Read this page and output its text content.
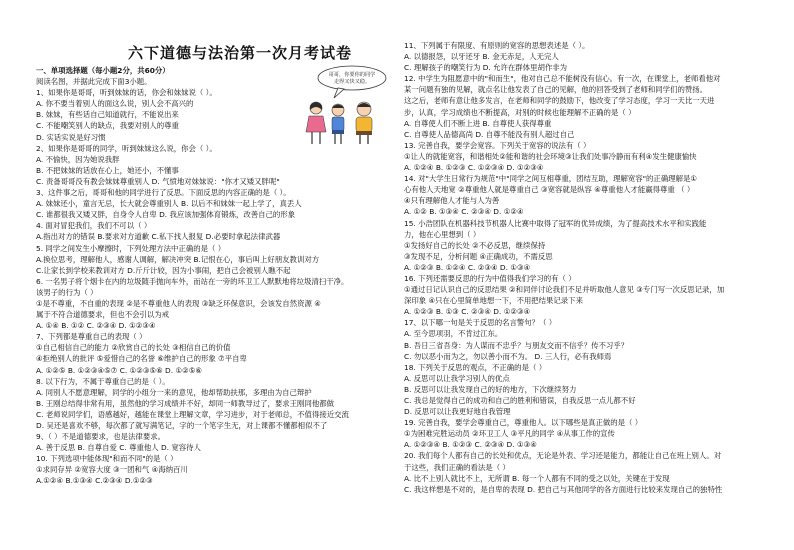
六下道德与法治第一次月考试卷
哥哥，你要你的同学
走得又快又稳。
一、单项选择题（每小题2分，共60分）
阅读名图，并据此完成下面3小题。
1、如果你是哥哥，听到妹妹的话，你会和妹妹说（ ）。
A. 你不要当着别人的面这么说，别人会不高兴的
B. 妹妹，有些话自己知道就行，不能说出来
C. 不能嘲笑别人的缺点，我要对别人的尊重
D. 实话实说是好习惯
2、如果你是哥哥的同学，听到妹妹这么说，你会（ ）。
A. 不愉快，因为她说我胖
B. 不把妹妹的话放在心上，她还小，不懂事
C. 责备哥哥没有教会妹妹尊重别人 D. 气愤地对妹妹说："你才又矮又胖呢"
3、这件事之后，哥哥和他的同学进行了反思。下面反思的内容正确的是（ ）。
A. 妹妹还小，童言无忌，长大就会尊重别人 B. 以后不和妹妹一起上学了，真丢人
C. 谁都很我又矮又胖，自身令人自卑 D. 我应该加强体育锻炼，改善自己的形象
4. 面对冒犯我们，我们不可以（ ）
A.指出对方的错误 B.要求对方道歉 C.私下找人报复 D.必要时拿起法律武器
5. 同学之间发生小摩擦时，下列处理方法中正确的是（ ）
A.换位思考，理解他人，感谢人调解，解决冲突 B.记恨在心，事后叫上好朋友教训对方
C.让家长到学校来教训对方 D.斤斤计较，因为小事闹，把自己会被别人瞧不起
6. 一名男子将个烟卡在内的垃圾随手抛向车外，而站在一旁的环卫工人默默地将垃圾清扫干净。
该男子的行为（ ）
①是不尊重，不自重的表现 ②是不尊重他人的表现 ③缺乏环保意识，会该发自然资源 ④
属于不符合道德要求，但也不会引以为戒
A. ①④ B. ①② C. ②③④ D. ①②③④
7、下列都是尊重自己的表现（ ）
①自己相信自己的能力 ②欣赏自己的长处 ③相信自己的价值
④拒绝别人的批评 ⑤爱惜自己的名誉 ⑥维护自己的形象 ⑦平自卑
A. ①②⑤ B. ①②③④⑤⑦ C. ①②③⑤⑥ D. ①②⑤⑥
8. 以下行为，不属于尊重自己的是（ ）。
A. 同别人不愿意理解，同学的小组分一来的意见，他却帮助扶那，多理由为自己辩护
B. 王刚总结得非常有用，虽然他的学习成绩并不好，却同一师教导过了，要求王刚同他都做
C. 老师说同学们，语感越好，越能在课堂上理解文章，学习进步，对于老师总，不值得接近交流
D. 吴还是喜欢不够，每次都了就写满笔记，字的一个笔字生无，对上课都不懂都相似不了
9、（ ）不是道德要求，也是法律要求。
A. 善于反思 B. 自尊自爱 C. 尊重他人 D. 宽容待人
10. 下列选项中能体现"和而不同"的是（ ）
①求同存异 ②宽容大度 ③一团和气 ④海纳百川
A.①②④ B.①③④ C.②③④ D.①②③
11、下列属于有限度、有原则的宽容的思想表述是（ ）。
A. 以德报怨，以牙还牙 B. 金无赤足，人无完人
C. 理解孩子的嘲笑行为 D. 允许在群体里胡作非为
12. 中学生为阻愿意中的"和而生"，他对自己总不能树没有信心。有一次，在课堂上，老师看他对
某一问题有独的见解，就点名让他发表了自己的见解，他的回答受到了老师和同学们的赞扬。
这之后，老师有意让他多发言，在老师和同学的鼓励下，他改变了学习态度，学习一天比一天进
步，认真，学习成绩也不断提高，对别的时候也能理解不正确的是（ ）
A. 自尊使人们不断上进 B. 自尊使人获得尊重
C. 自尊使人品德高尚 D. 自尊不能没有别人超过自己
13. 完善自我，要学会宽容。下列关于宽容的说法有（ ）
①让人的就能宽容，和谐相处②能和谐的社会环境③让我们处事冷静而有利④发生健康愉快
A. ①②④ B. ①②③ C. ①②③④ D. ①②③④
14. 对"大学生日常行为规范"中"同学之间互相尊重，团结互助，理解宽容"的正确理解是①
心有他人天地宽 ②尊重他人就是尊重自己 ③宽容就是纵容 ④尊重他人才能赢得尊重 （ ）
④只有理解他人才能与人为善
A. ①② B. ①③④ C. ②③④ D. ①②④
15. 小浩团队在机器科技节机器人比赛中取得了冠军的优异成绩，为了提高技术水平和实践能
力，他在心里想到（ ）
①发扬好自己的长处 ②不必反思，继续保持
③发现不足，分析问题 ④正确成功，不需反思
A. ①②③ B. ①②④ C. ②③④ D. ①③④
16. 下列还需要反思的行为中值得我们学习的有（ ）
①通过日记认识自己的反思结果 ②和同伴讨论我们不足并听取他人意见 ③专门写一次反思记录，加
深印象 ④只在心里简单地想一下，不用把结果记录下来
A. ①②③ B. ①③ C. ②③④ D. ①②③④
17、以下哪一句是关于反思的名言警句？（ ）
A. 至今思项羽，不肯过江东。
B. 吾日三省吾身：为人谋而不忠乎？与朋友交而不信乎？传不习乎？
C. 勿以恶小而为之，勿以善小而不为。 D. 三人行，必有我师焉
18. 下列关于反思的观点，不正确的是（ ）
A. 反思可以让我学习别人的优点
B. 反思可以让我发现自己的好的地方，下次继续努力
C. 我总是觉得自己的成功和自己的胜利和错误，自我反思一点儿都不好
D. 反思可以让我更好地自我管理
19. 完善自我，要学会尊重自己，尊重他人。以下哪些是真正做的是（ ）
①为困难完胜运动员 ②环卫工人 ③平凡的同学 ④从事工作的宣传
A. ①②③④ B. ①②③ C. ②③④ D. ①③④
20. 我们每个人都有自己的长处和优点，无论是外表、学习还是能力，都能让自己在班上别人。对
于这些，我们正确的看法是（ ）
A. 比不上别人就比不上，无所谓 B. 每一个人都有不同的受之以处，关键在于发现
C. 我这样想是不对的，是自卑的表现 D. 把自己与其他同学的各方面进行比较来发现自己的独特性
